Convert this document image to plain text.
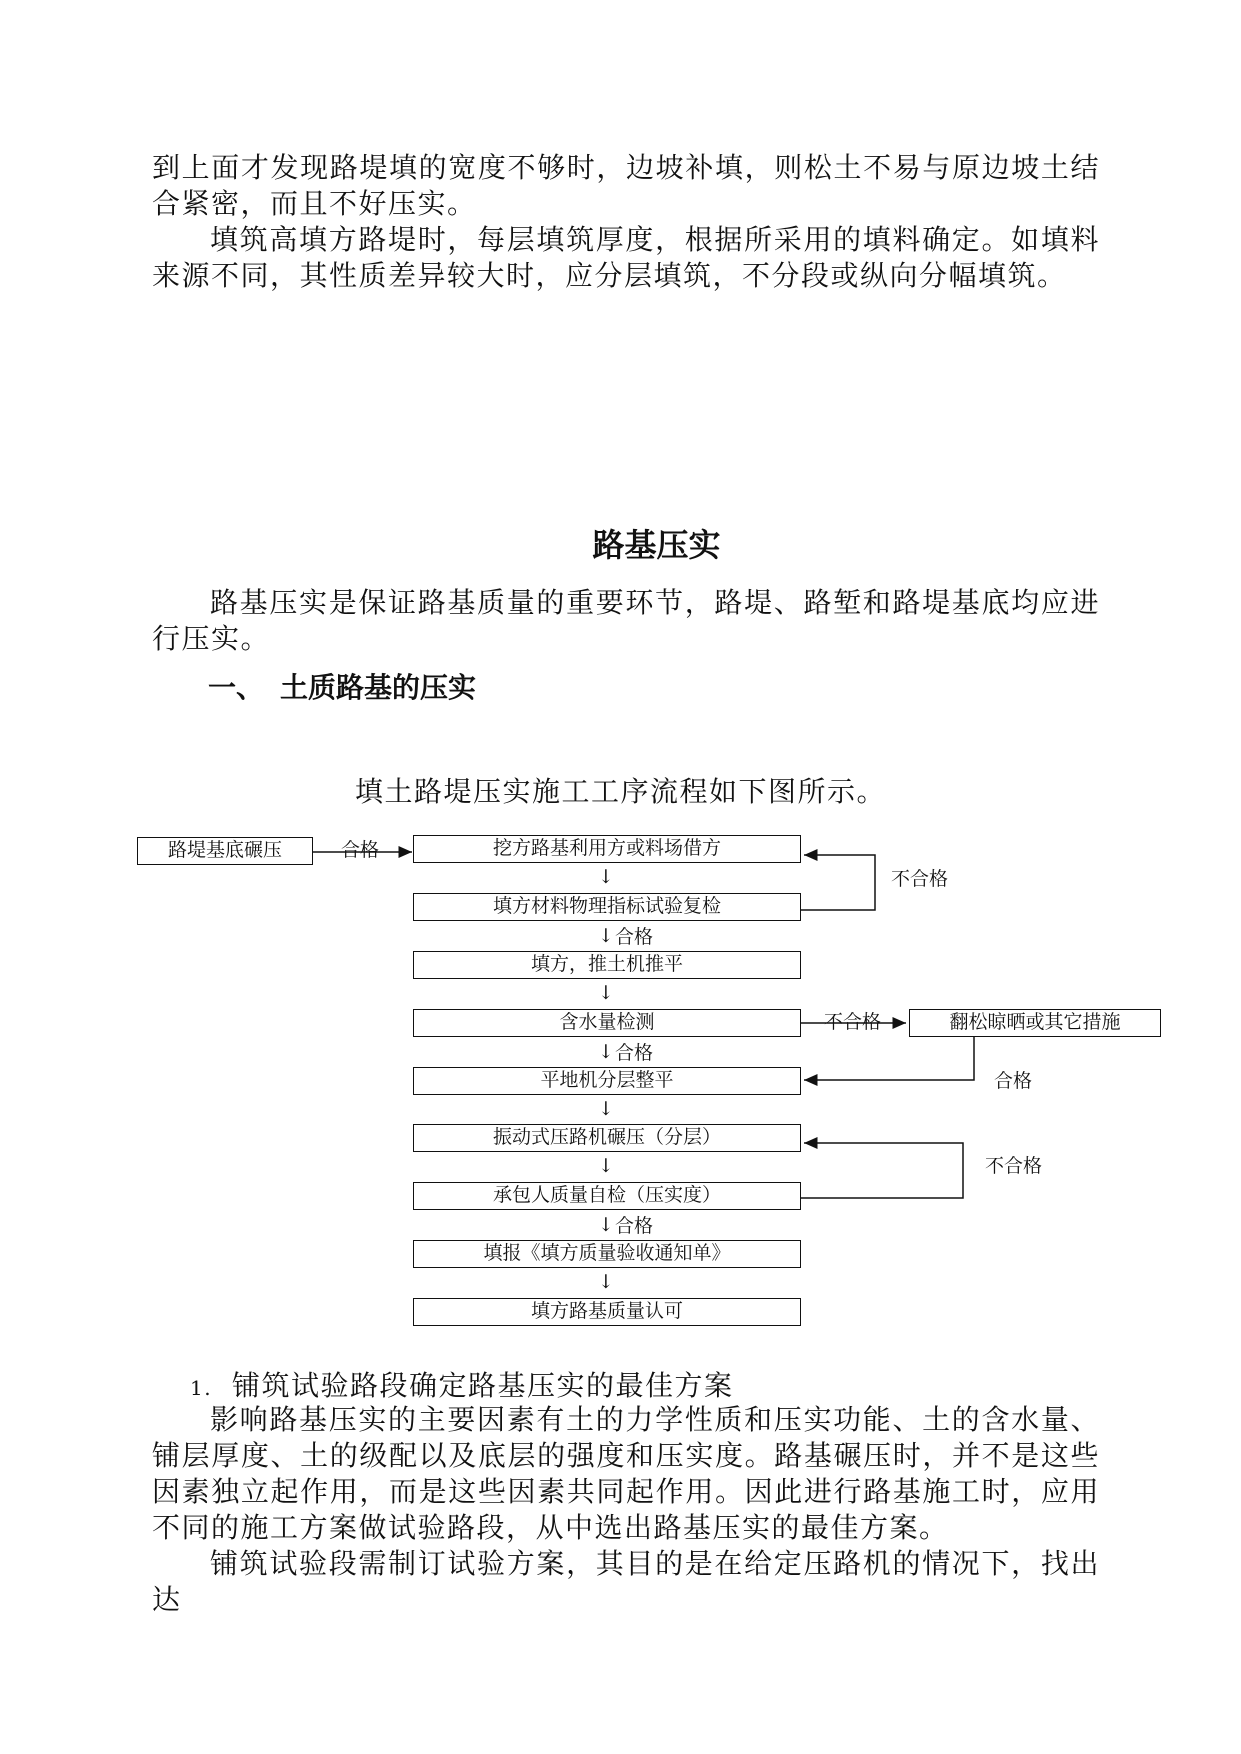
到上面才发现路堤填的宽度不够时，边坡补填，则松土不易与原边坡土结合紧密，而且不好压实。

填筑高填方路堤时，每层填筑厚度，根据所采用的填料确定。如填料来源不同，其性质差异较大时，应分层填筑，不分段或纵向分幅填筑。

路基压实

路基压实是保证路基质量的重要环节，路堤、路堑和路堤基底均应进行压实。

一、 土质路基的压实

填土路堤压实施工工序流程如下图所示。

路堤基底碾压	合格	挖方路基利用方或料场借方
↓
填方材料物理指标试验复检
不合格
↓ 合格
填方，推土机推平
↓
含水量检测	不合格	翻松晾晒或其它措施
↓ 合格
合格
平地机分层整平
↓
振动式压路机碾压（分层）
↓	不合格
承包人质量自检（压实度）
↓ 合格
填报《填方质量验收通知单》
↓
填方路基质量认可

1. 铺筑试验路段确定路基压实的最佳方案

影响路基压实的主要因素有土的力学性质和压实功能、土的含水量、铺层厚度、土的级配以及底层的强度和压实度。路基碾压时，并不是这些因素独立起作用，而是这些因素共同起作用。因此进行路基施工时，应用不同的施工方案做试验路段，从中选出路基压实的最佳方案。

铺筑试验段需制订试验方案，其目的是在给定压路机的情况下，找出达
